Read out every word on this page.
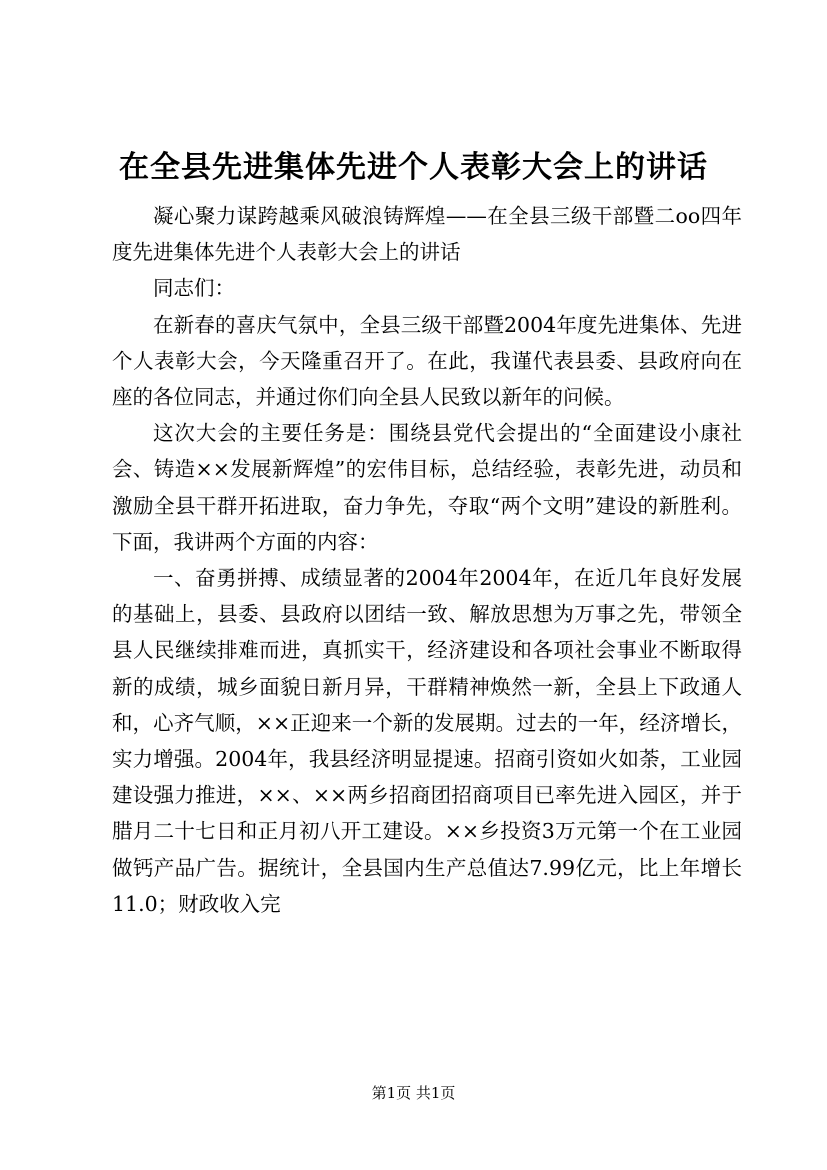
在全县先进集体先进个人表彰大会上的讲话

凝心聚力谋跨越乘风破浪铸辉煌——在全县三级干部暨二oo四年度先进集体先进个人表彰大会上的讲话

同志们：

在新春的喜庆气氛中，全县三级干部暨2004年度先进集体、先进个人表彰大会，今天隆重召开了。在此，我谨代表县委、县政府向在座的各位同志，并通过你们向全县人民致以新年的问候。

这次大会的主要任务是：围绕县党代会提出的“全面建设小康社会、铸造××发展新辉煌”的宏伟目标，总结经验，表彰先进，动员和激励全县干群开拓进取，奋力争先，夺取“两个文明”建设的新胜利。下面，我讲两个方面的内容：

一、奋勇拼搏、成绩显著的2004年2004年，在近几年良好发展的基础上，县委、县政府以团结一致、解放思想为万事之先，带领全县人民继续排难而进，真抓实干，经济建设和各项社会事业不断取得新的成绩，城乡面貌日新月异，干群精神焕然一新，全县上下政通人和，心齐气顺，××正迎来一个新的发展期。过去的一年，经济增长，实力增强。2004年，我县经济明显提速。招商引资如火如荼，工业园建设强力推进，××、××两乡招商团招商项目已率先进入园区，并于腊月二十七日和正月初八开工建设。××乡投资3万元第一个在工业园做钙产品广告。据统计，全县国内生产总值达7.99亿元，比上年增长11.0；财政收入完

第1页 共1页
